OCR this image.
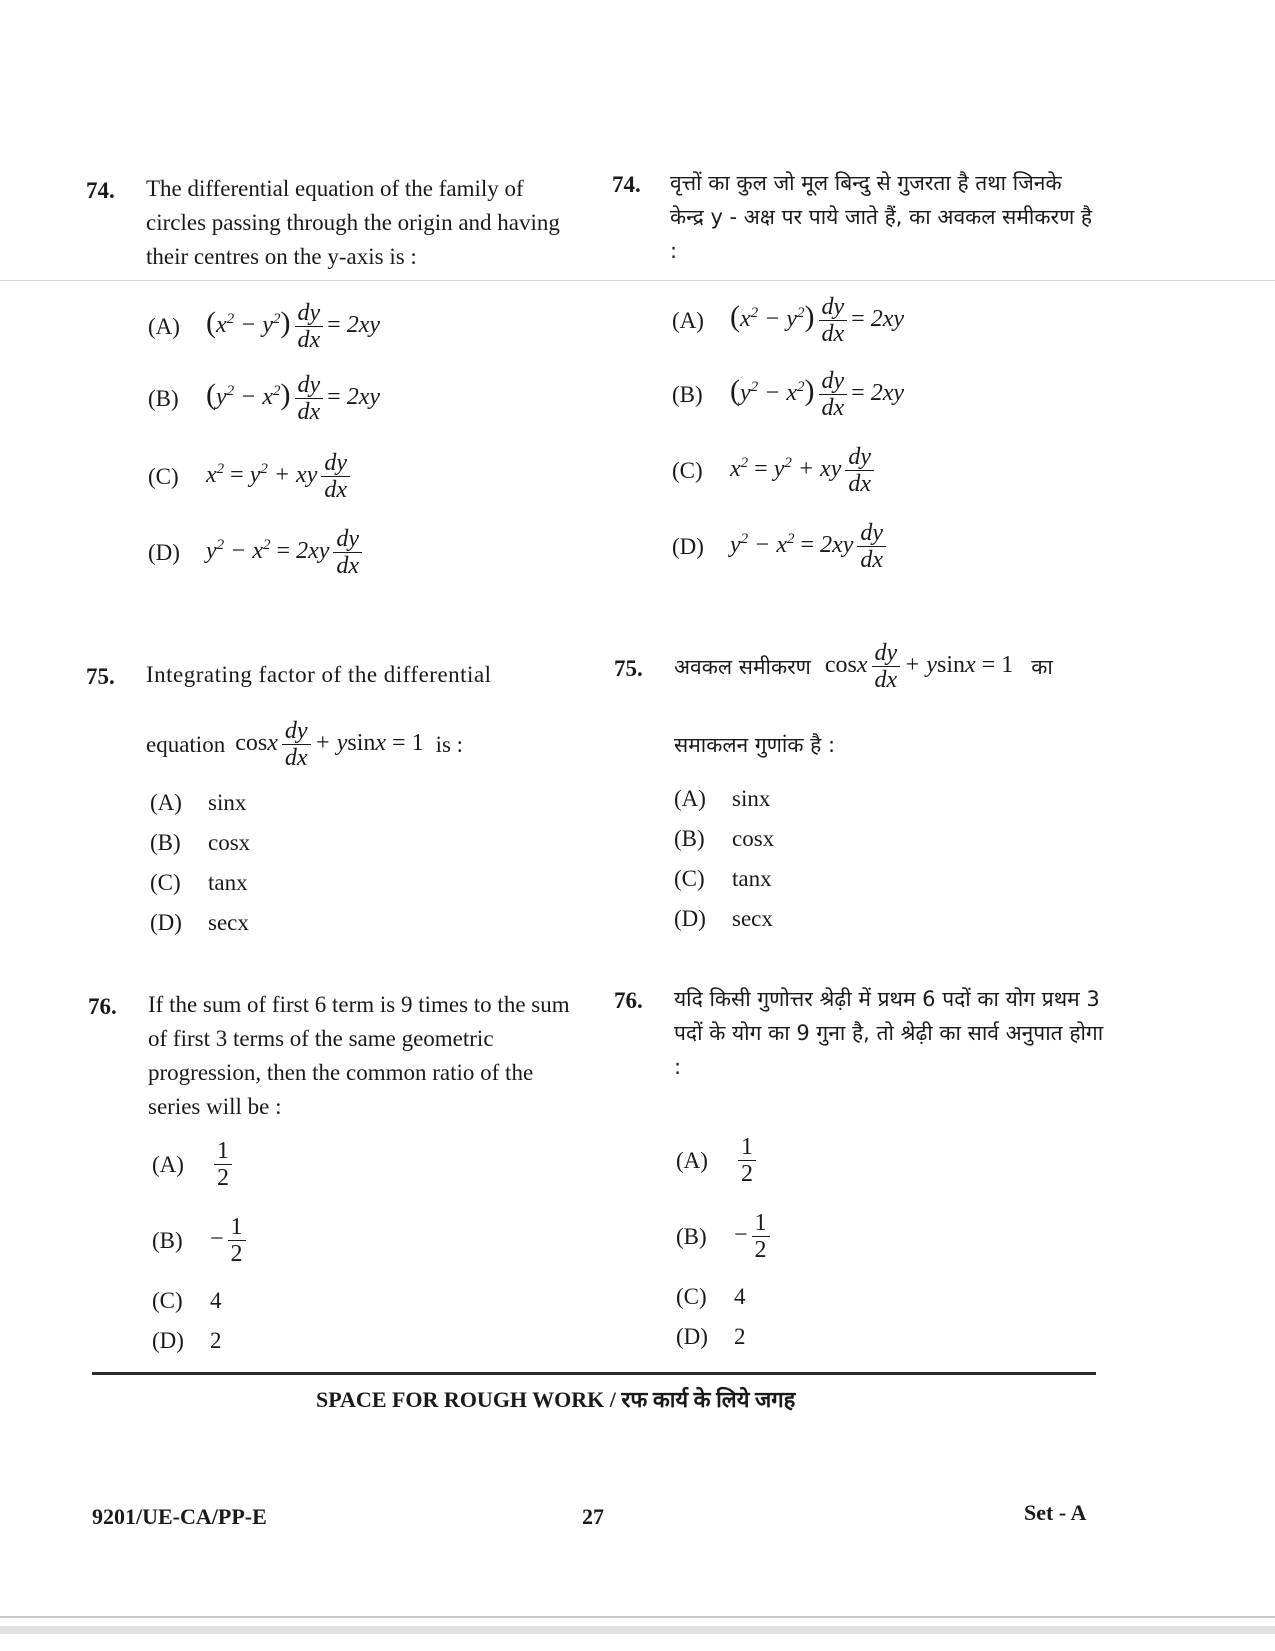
74. The differential equation of the family of circles passing through the origin and having their centres on the y-axis is :
(A) $(x^2 - y^2) \frac{dy}{dx} = 2xy$
(B) $(y^2 - x^2) \frac{dy}{dx} = 2xy$
(C)	$x^2 = y^2$ + xy $\frac{dy}{dx}$
(D)	$y^2 - x^2 = 2xy \frac{dy}{dx}$
74. वृत्तों का कुल जो मूल बिन्दु से गुजरता है तथा जिनके केन्द्र y - अक्ष पर पाये जाते हैं, का अवकल समीकरण है :
(A) $(x^2 - y^2) \frac{dy}{dx} = 2xy$
(B) $(y^2 - x^2) \frac{dy}{dx} = 2xy$
(C)	$x^2 = y^2$ + xy $\frac{dy}{dx}$
(D)	$y^2 - x^2 = 2xy \frac{dy}{dx}$
75. Integrating factor of the differential
equation cosx $\frac{dy}{dx} + ysinx = 1$ is :
(A)	sinx
(B)	cosx
(C)	tanx
(D)	secx
75. अवकल समीकरण cosx $\frac{dy}{dx} + ysinx = 1$ का
समाकलन गुणांक है :
(A)	sinx
(B)	cosx
(C)	tanx
(D)	secx
76. If the sum of first 6 term is 9 times to the sum of first 3 terms of the same geometric progression, then the common ratio of the series will be :
(A)	$\frac{1}{2}$
(B)	− $\frac{1}{2}$
(C)	4
(D)	2
76. यदि किसी गुणोत्तर श्रेढ़ी में प्रथम 6 पदों का योग प्रथम 3 पदों के योग का 9 गुना है, तो श्रेढ़ी का सार्व अनुपात होगा :
(A)	$\frac{1}{2}$
(B)	− $\frac{1}{2}$
(C)	4
(D)	2
SPACE FOR ROUGH WORK / रफ कार्य के लिये जगह
9201/UE-CA/PP-E	27	Set - A
